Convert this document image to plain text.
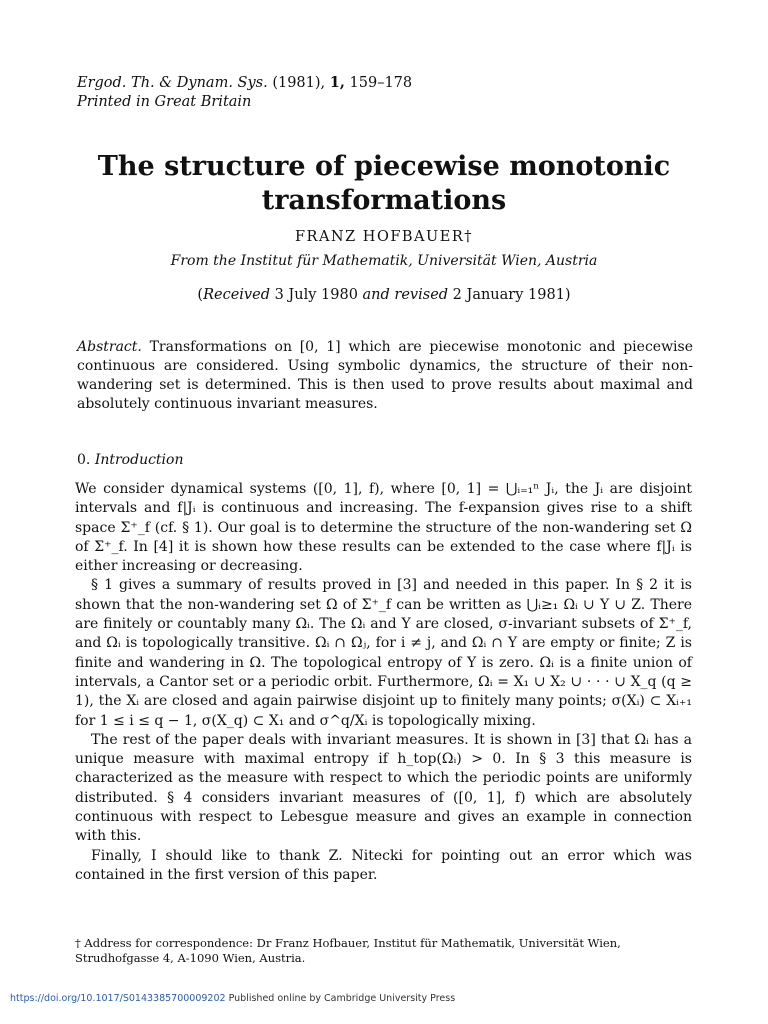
Ergod. Th. & Dynam. Sys. (1981), 1, 159–178
Printed in Great Britain
The structure of piecewise monotonic
transformations
FRANZ HOFBAUER†
From the Institut für Mathematik, Universität Wien, Austria
(Received 3 July 1980 and revised 2 January 1981)
Abstract. Transformations on [0, 1] which are piecewise monotonic and piecewise continuous are considered. Using symbolic dynamics, the structure of their non-wandering set is determined. This is then used to prove results about maximal and absolutely continuous invariant measures.
0. Introduction

We consider dynamical systems ([0, 1], f), where [0, 1] = ⋃ᵢ₌₁ⁿ Jᵢ, the Jᵢ are disjoint intervals and f|Jᵢ is continuous and increasing. The f-expansion gives rise to a shift space Σ⁺_f (cf. § 1). Our goal is to determine the structure of the non-wandering set Ω of Σ⁺_f. In [4] it is shown how these results can be extended to the case where f|Jᵢ is either increasing or decreasing.

§ 1 gives a summary of results proved in [3] and needed in this paper. In § 2 it is shown that the non-wandering set Ω of Σ⁺_f can be written as ⋃ᵢ≥₁ Ωᵢ ∪ Y ∪ Z. There are finitely or countably many Ωᵢ. The Ωᵢ and Y are closed, σ-invariant subsets of Σ⁺_f, and Ωᵢ is topologically transitive. Ωᵢ ∩ Ωⱼ, for i ≠ j, and Ωᵢ ∩ Y are empty or finite; Z is finite and wandering in Ω. The topological entropy of Y is zero. Ωᵢ is a finite union of intervals, a Cantor set or a periodic orbit. Furthermore, Ωᵢ = X₁ ∪ X₂ ∪ · · · ∪ X_q (q ≥ 1), the Xᵢ are closed and again pairwise disjoint up to finitely many points; σ(Xᵢ) ⊂ Xᵢ₊₁ for 1 ≤ i ≤ q − 1, σ(X_q) ⊂ X₁ and σ^q/Xᵢ is topologically mixing.

The rest of the paper deals with invariant measures. It is shown in [3] that Ωᵢ has a unique measure with maximal entropy if h_top(Ωᵢ) > 0. In § 3 this measure is characterized as the measure with respect to which the periodic points are uniformly distributed. § 4 considers invariant measures of ([0, 1], f) which are absolutely continuous with respect to Lebesgue measure and gives an example in connection with this.

Finally, I should like to thank Z. Nitecki for pointing out an error which was contained in the first version of this paper.

† Address for correspondence: Dr Franz Hofbauer, Institut für Mathematik, Universität Wien, Strudhofgasse 4, A-1090 Wien, Austria.
https://doi.org/10.1017/S0143385700009202 Published online by Cambridge University Press
